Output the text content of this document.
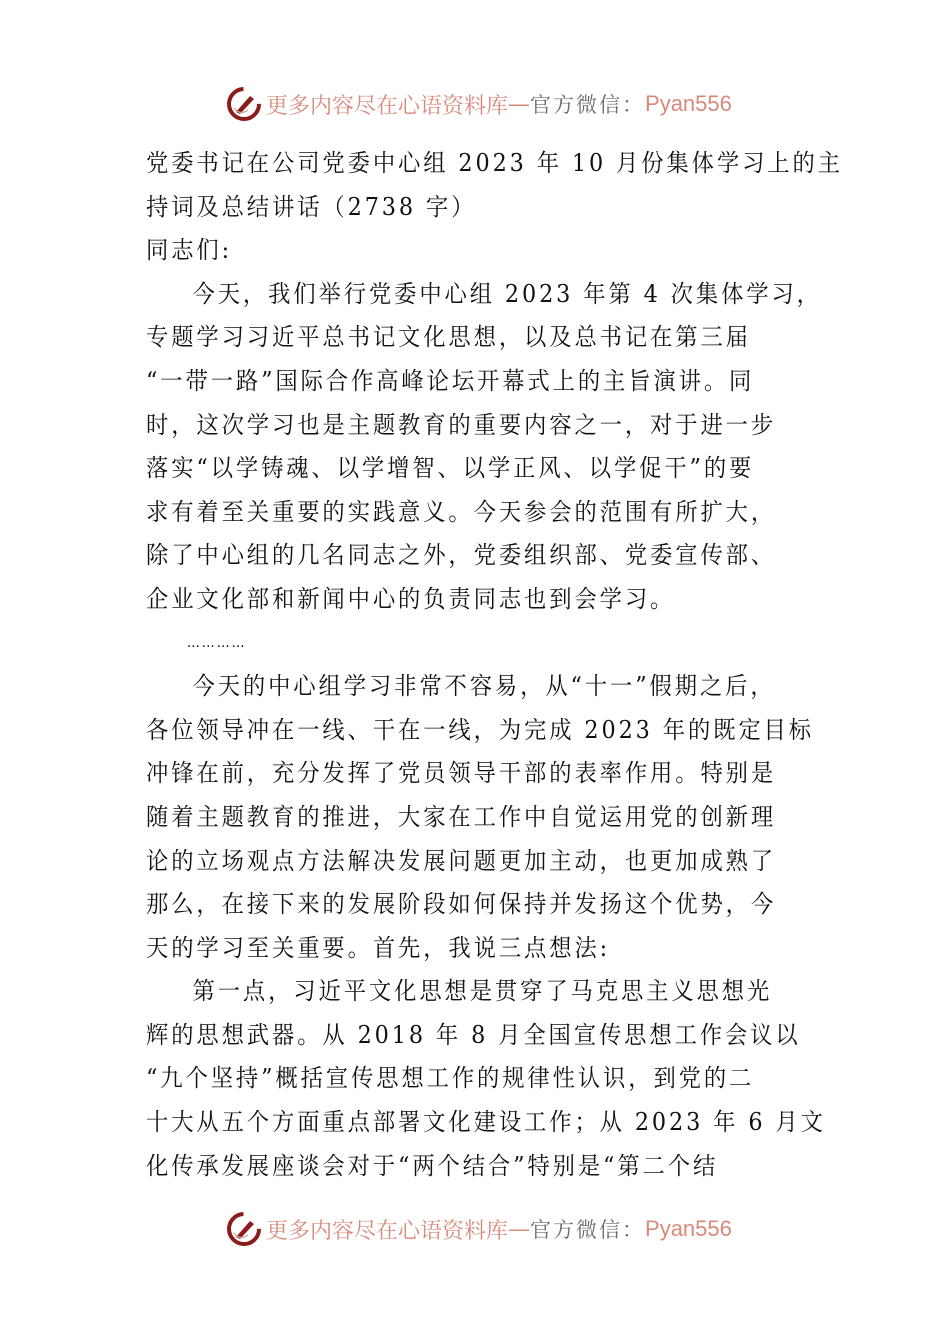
更多内容尽在心语资料库 — 官方微信： Pyan556
党委书记在公司党委中心组 2023 年 10 月份集体学习上的主
持词及总结讲话（2738 字）
同志们:
今天，我们举行党委中心组 2023 年第 4 次集体学习，
专题学习习近平总书记文化思想，以及总书记在第三届
“一带一路”国际合作高峰论坛开幕式上的主旨演讲。同
时，这次学习也是主题教育的重要内容之一，对于进一步
落实“以学铸魂、以学增智、以学正风、以学促干”的要
求有着至关重要的实践意义。今天参会的范围有所扩大，
除了中心组的几名同志之外，党委组织部、党委宣传部、
企业文化部和新闻中心的负责同志也到会学习。
…………
今天的中心组学习非常不容易，从“十一”假期之后，
各位领导冲在一线、干在一线，为完成 2023 年的既定目标
冲锋在前，充分发挥了党员领导干部的表率作用。特别是
随着主题教育的推进，大家在工作中自觉运用党的创新理
论的立场观点方法解决发展问题更加主动，也更加成熟了
那么，在接下来的发展阶段如何保持并发扬这个优势，今
天的学习至关重要。首先，我说三点想法:
第一点，习近平文化思想是贯穿了马克思主义思想光
辉的思想武器。从 2018 年 8 月全国宣传思想工作会议以
“九个坚持”概括宣传思想工作的规律性认识，到党的二
十大从五个方面重点部署文化建设工作；从 2023 年 6 月文
化传承发展座谈会对于“两个结合”特别是“第二个结
更多内容尽在心语资料库 — 官方微信： Pyan556
